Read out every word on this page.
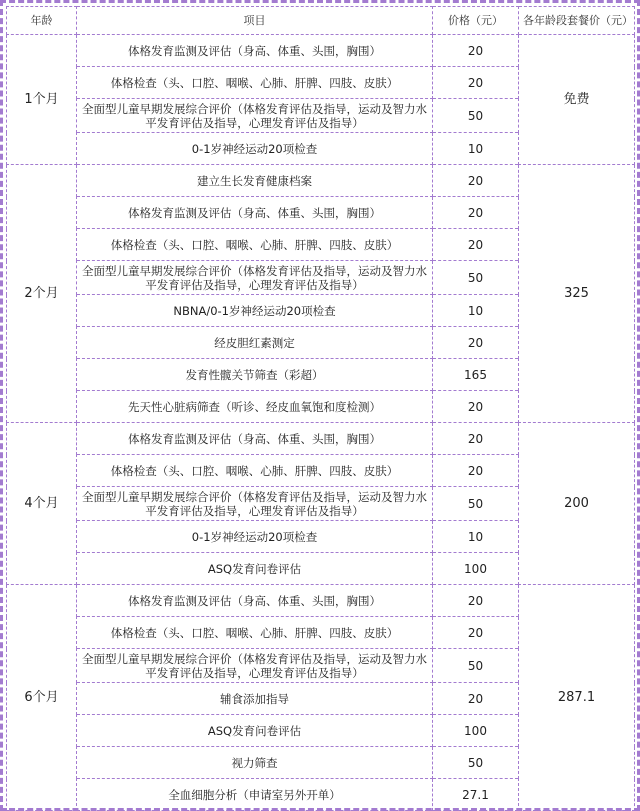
年龄	项目	价格（元）	各年龄段套餐价（元）
1个月	体格发育监测及评估（身高、体重、头围，胸围）	20	免费
	体格检查（头、口腔、咽喉、心肺、肝脾、四肢、皮肤）	20	
	全面型儿童早期发展综合评价（体格发育评估及指导，运动及智力水平发育评估及指导，心理发育评估及指导）	50	
	0-1岁神经运动20项检查	10	
2个月	建立生长发育健康档案	20	325
	体格发育监测及评估（身高、体重、头围，胸围）	20	
	体格检查（头、口腔、咽喉、心肺、肝脾、四肢、皮肤）	20	
	全面型儿童早期发展综合评价（体格发育评估及指导，运动及智力水平发育评估及指导，心理发育评估及指导）	50	
	NBNA/0-1岁神经运动20项检查	10	
	经皮胆红素测定	20	
	发育性髋关节筛查（彩超）	165	
	先天性心脏病筛查（听诊、经皮血氧饱和度检测）	20	
4个月	体格发育监测及评估（身高、体重、头围，胸围）	20	200
	体格检查（头、口腔、咽喉、心肺、肝脾、四肢、皮肤）	20	
	全面型儿童早期发展综合评价（体格发育评估及指导，运动及智力水平发育评估及指导，心理发育评估及指导）	50	
	0-1岁神经运动20项检查	10	
	ASQ发育问卷评估	100	
6个月	体格发育监测及评估（身高、体重、头围，胸围）	20	287.1
	体格检查（头、口腔、咽喉、心肺、肝脾、四肢、皮肤）	20	
	全面型儿童早期发展综合评价（体格发育评估及指导，运动及智力水平发育评估及指导，心理发育评估及指导）	50	
	辅食添加指导	20	
	ASQ发育问卷评估	100	
	视力筛查	50	
	全血细胞分析（申请室另外开单）	27.1	
